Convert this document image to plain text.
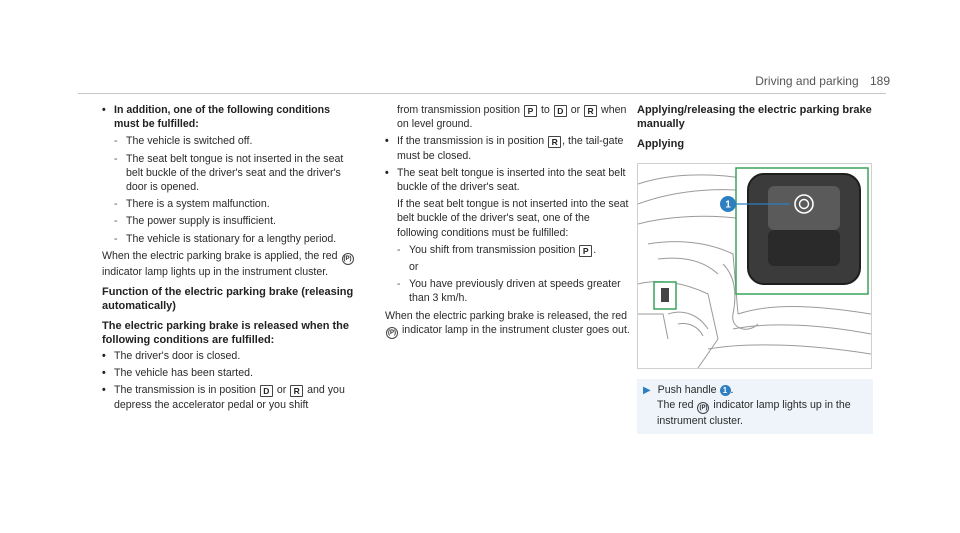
Driving and parking 189
• In addition, one of the following conditions must be fulfilled:
- The vehicle is switched off.
- The seat belt tongue is not inserted in the seat belt buckle of the driver's seat and the driver's door is opened.
- There is a system malfunction.
- The power supply is insufficient.
- The vehicle is stationary for a lengthy period.

When the electric parking brake is applied, the red (P) indicator lamp lights up in the instrument cluster.

Function of the electric parking brake (releasing automatically)
The electric parking brake is released when the following conditions are fulfilled:
• The driver's door is closed.
• The vehicle has been started.
• The transmission is in position D or R and you depress the accelerator pedal or you shift

from transmission position P to D or R when on level ground.

• If the transmission is in position R , the tail-gate must be closed.
• The seat belt tongue is inserted into the seat belt buckle of the driver's seat.

If the seat belt tongue is not inserted into the seat belt buckle of the driver's seat, one of the following conditions must be fulfilled:

- You shift from transmission position P .
or
- You have previously driven at speeds greater than 3 km/h.

When the electric parking brake is released, the red (P) indicator lamp in the instrument cluster goes out.

Applying/releasing the electric parking brake manually
Applying
1
▶ Push handle 1 .
The red (P) indicator lamp lights up in the instrument cluster.
